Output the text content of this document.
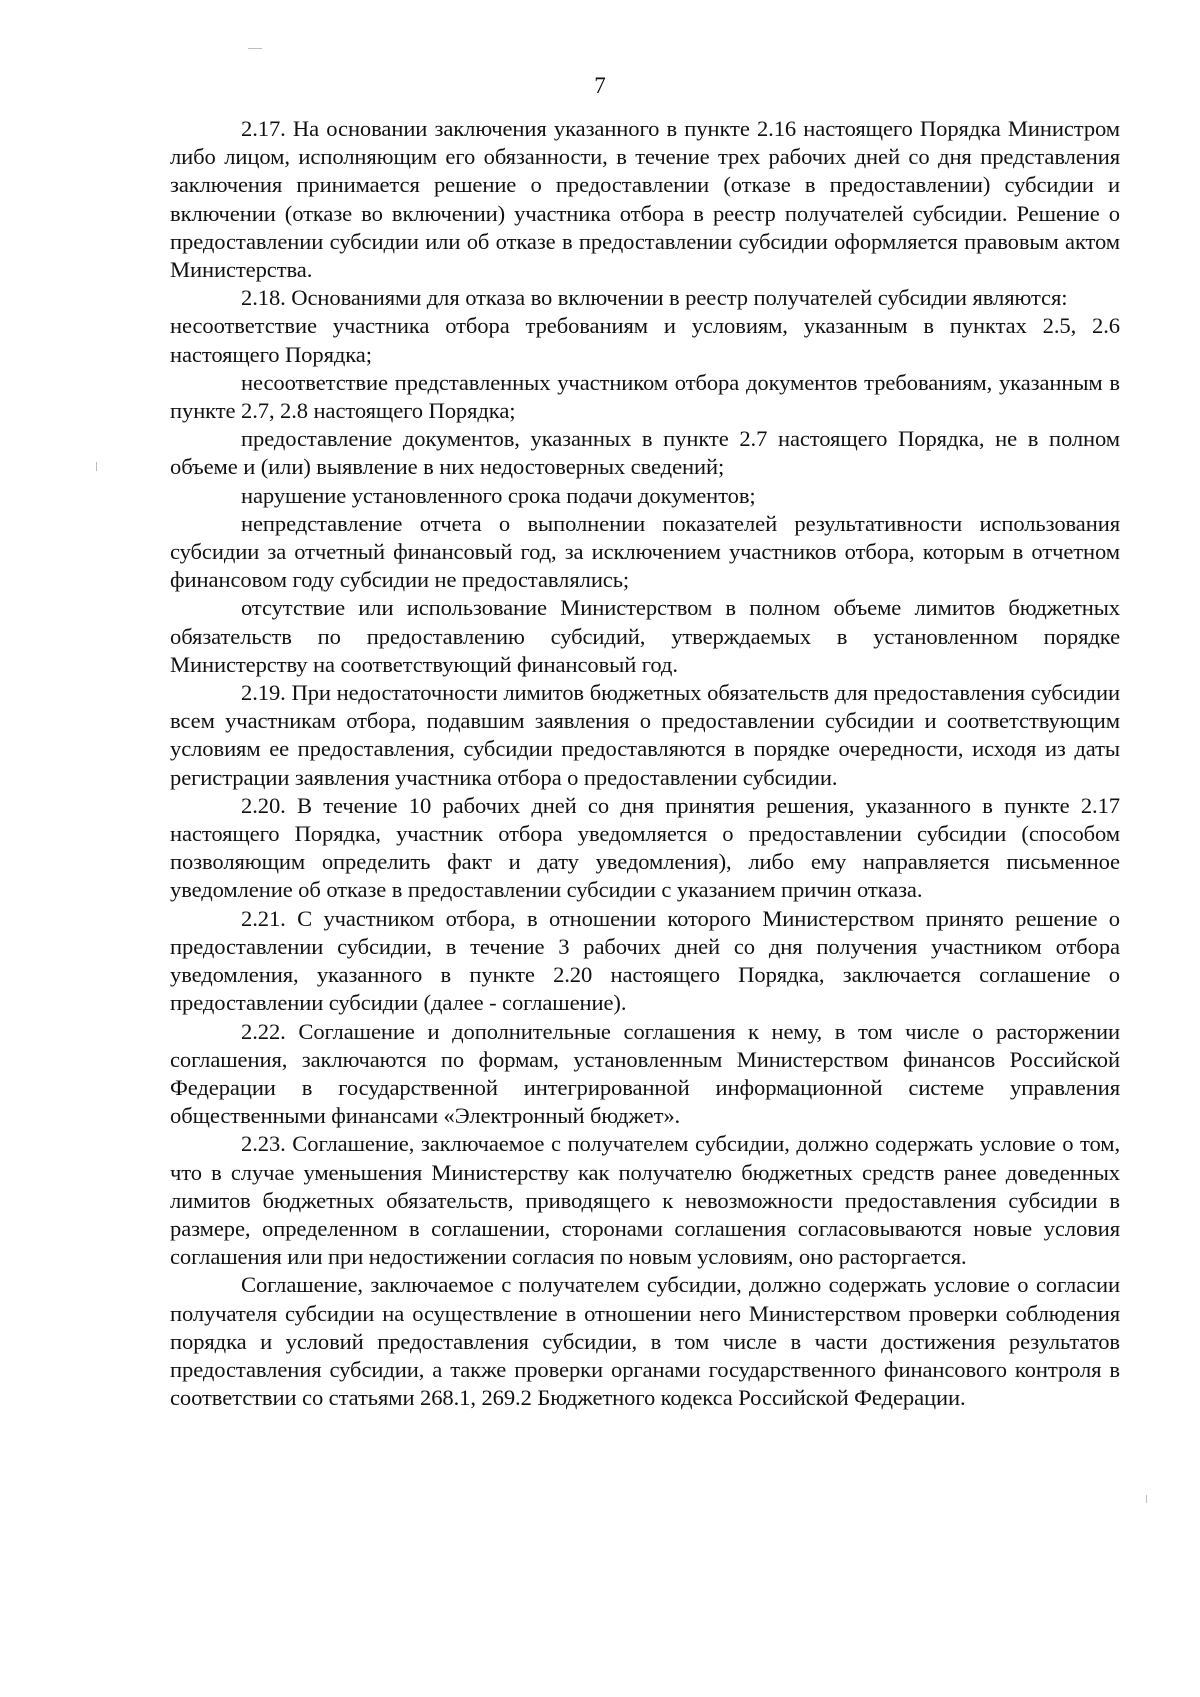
7

2.17. На основании заключения указанного в пункте 2.16 настоящего Порядка Министром либо лицом, исполняющим его обязанности, в течение трех рабочих дней со дня представления заключения принимается решение о предоставлении (отказе в предоставлении) субсидии и включении (отказе во включении) участника отбора в реестр получателей субсидии. Решение о предоставлении субсидии или об отказе в предоставлении субсидии оформляется правовым актом Министерства.

2.18. Основаниями для отказа во включении в реестр получателей субсидии являются:

несоответствие участника отбора требованиям и условиям, указанным в пунктах 2.5, 2.6 настоящего Порядка;

несоответствие представленных участником отбора документов требованиям, указанным в пункте 2.7, 2.8 настоящего Порядка;

предоставление документов, указанных в пункте 2.7 настоящего Порядка, не в полном объеме и (или) выявление в них недостоверных сведений;

нарушение установленного срока подачи документов;

непредставление отчета о выполнении показателей результативности использования субсидии за отчетный финансовый год, за исключением участников отбора, которым в отчетном финансовом году субсидии не предоставлялись;

отсутствие или использование Министерством в полном объеме лимитов бюджетных обязательств по предоставлению субсидий, утверждаемых в установленном порядке Министерству на соответствующий финансовый год.

2.19. При недостаточности лимитов бюджетных обязательств для предоставления субсидии всем участникам отбора, подавшим заявления о предоставлении субсидии и соответствующим условиям ее предоставления, субсидии предоставляются в порядке очередности, исходя из даты регистрации заявления участника отбора о предоставлении субсидии.

2.20. В течение 10 рабочих дней со дня принятия решения, указанного в пункте 2.17 настоящего Порядка, участник отбора уведомляется о предоставлении субсидии (способом позволяющим определить факт и дату уведомления), либо ему направляется письменное уведомление об отказе в предоставлении субсидии с указанием причин отказа.

2.21. С участником отбора, в отношении которого Министерством принято решение о предоставлении субсидии, в течение 3 рабочих дней со дня получения участником отбора уведомления, указанного в пункте 2.20 настоящего Порядка, заключается соглашение о предоставлении субсидии (далее - соглашение).

2.22. Соглашение и дополнительные соглашения к нему, в том числе о расторжении соглашения, заключаются по формам, установленным Министерством финансов Российской Федерации в государственной интегрированной информационной системе управления общественными финансами «Электронный бюджет».

2.23. Соглашение, заключаемое с получателем субсидии, должно содержать условие о том, что в случае уменьшения Министерству как получателю бюджетных средств ранее доведенных лимитов бюджетных обязательств, приводящего к невозможности предоставления субсидии в размере, определенном в соглашении, сторонами соглашения согласовываются новые условия соглашения или при недостижении согласия по новым условиям, оно расторгается.

Соглашение, заключаемое с получателем субсидии, должно содержать условие о согласии получателя субсидии на осуществление в отношении него Министерством проверки соблюдения порядка и условий предоставления субсидии, в том числе в части достижения результатов предоставления субсидии, а также проверки органами государственного финансового контроля в соответствии со статьями 268.1, 269.2 Бюджетного кодекса Российской Федерации.
